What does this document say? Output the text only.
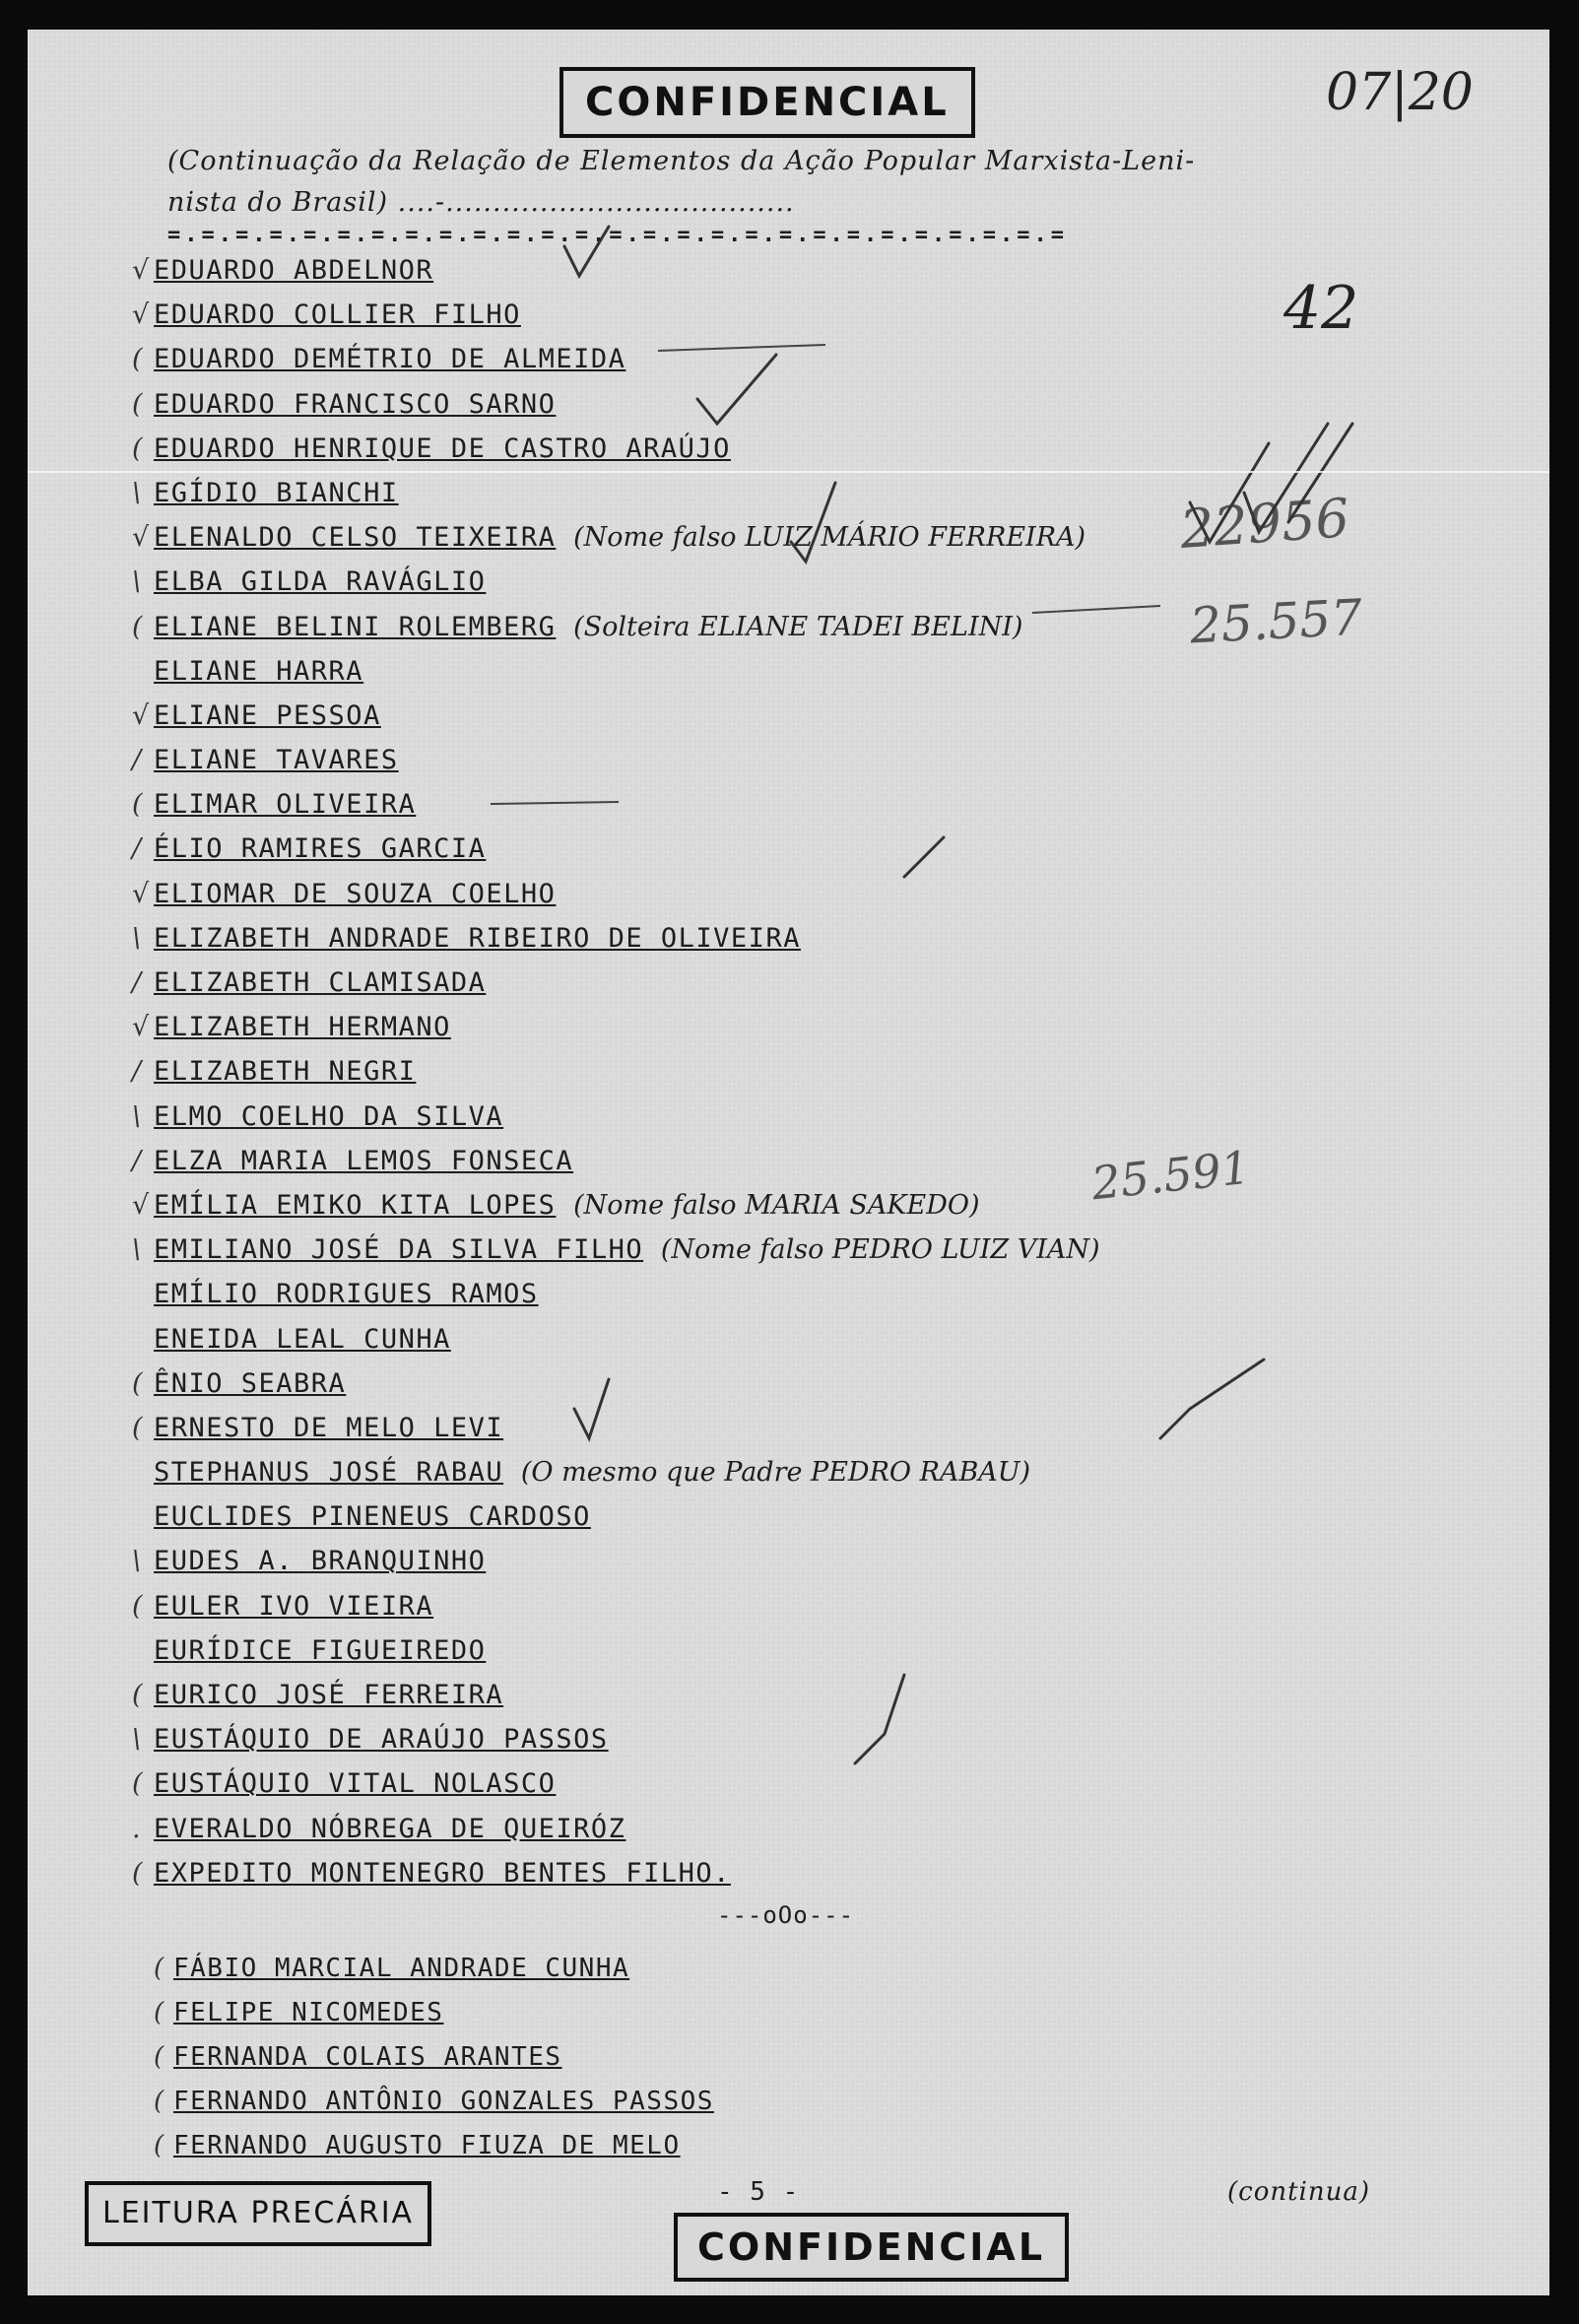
CONFIDENCIAL	07|20
42
22956
25.557
25.591
(Continuação da Relação de Elementos da Ação Popular Marxista-Leni-
nista do Brasil) ....-.....................................
=.=.=.=.=.=.=.=.=.=.=.=.=.=.=.=.=.=.=.=.=.=.=.=.=.=.=
√ EDUARDO ABDELNOR
√ EDUARDO COLLIER FILHO
( EDUARDO DEMÉTRIO DE ALMEIDA
( EDUARDO FRANCISCO SARNO
( EDUARDO HENRIQUE DE CASTRO ARAÚJO
\ EGÍDIO BIANCHI
√ ELENALDO CELSO TEIXEIRA (Nome falso LUIZ MÁRIO FERREIRA)
\ ELBA GILDA RAVÁGLIO
( ELIANE BELINI ROLEMBERG (Solteira ELIANE TADEI BELINI)

ELIANE HARRA
√ ELIANE PESSOA
/ ELIANE TAVARES
( ELIMAR OLIVEIRA
/ ÉLIO RAMIRES GARCIA
√ ELIOMAR DE SOUZA COELHO
\ ELIZABETH ANDRADE RIBEIRO DE OLIVEIRA
/ ELIZABETH CLAMISADA
√ ELIZABETH HERMANO
/ ELIZABETH NEGRI
\ ELMO COELHO DA SILVA
/ ELZA MARIA LEMOS FONSECA
√ EMÍLIA EMIKO KITA LOPES (Nome falso MARIA SAKEDO)
\ EMILIANO JOSÉ DA SILVA FILHO (Nome falso PEDRO LUIZ VIAN)

EMÍLIO RODRIGUES RAMOS

ENEIDA LEAL CUNHA
( ÊNIO SEABRA
( ERNESTO DE MELO LEVI

STEPHANUS JOSÉ RABAU (O mesmo que Padre PEDRO RABAU)

EUCLIDES PINENEUS CARDOSO
\ EUDES A. BRANQUINHO
( EULER IVO VIEIRA

EURÍDICE FIGUEIREDO
( EURICO JOSÉ FERREIRA
\ EUSTÁQUIO DE ARAÚJO PASSOS
( EUSTÁQUIO VITAL NOLASCO
. EVERALDO NÓBREGA DE QUEIRÓZ
( EXPEDITO MONTENEGRO BENTES FILHO.
---oOo---
( FÁBIO MARCIAL ANDRADE CUNHA
( FELIPE NICOMEDES
( FERNANDA COLAIS ARANTES
( FERNANDO ANTÔNIO GONZALES PASSOS
( FERNANDO AUGUSTO FIUZA DE MELO
LEITURA PRECÁRIA
- 5 -	(continua)
CONFIDENCIAL
